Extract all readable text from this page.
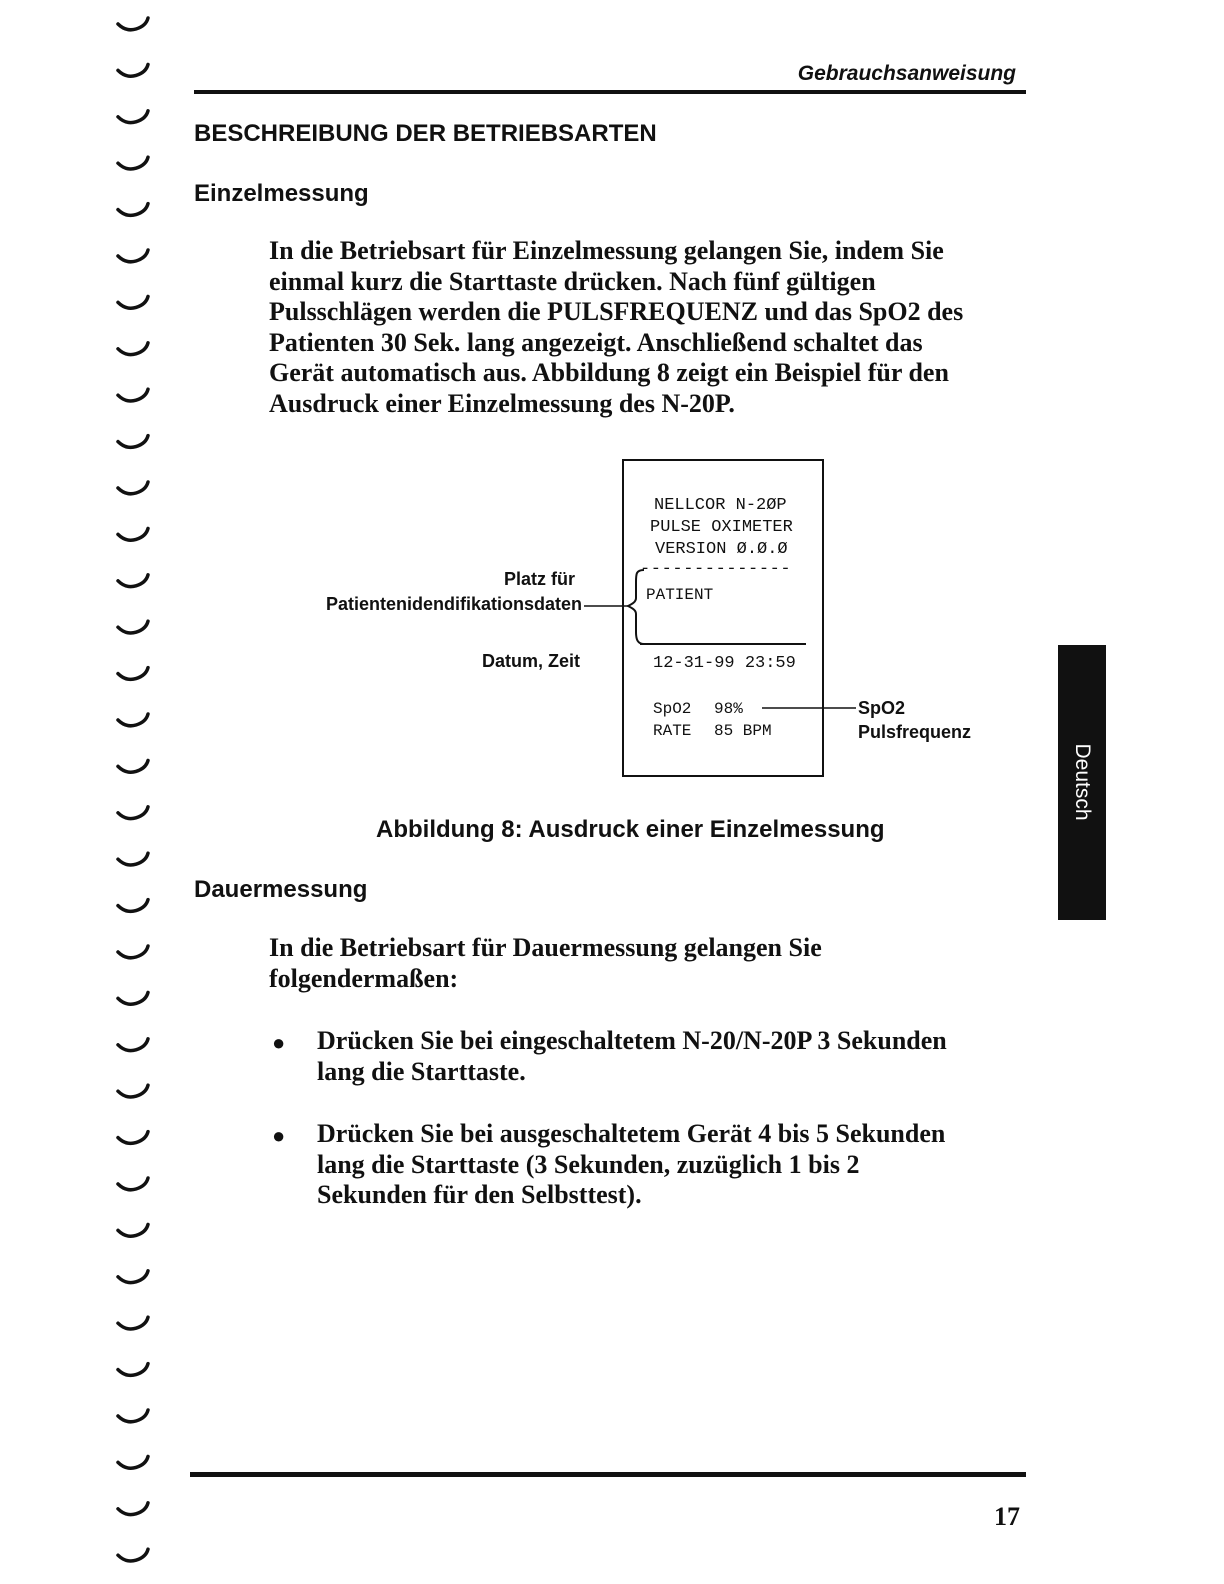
Gebrauchsanweisung
BESCHREIBUNG DER BETRIEBSARTEN
Einzelmessung
In die Betriebsart für Einzelmessung gelangen Sie, indem Sie
einmal kurz die Starttaste drücken. Nach fünf gültigen
Pulsschlägen werden die PULSFREQUENZ und das SpO2 des
Patienten 30 Sek. lang angezeigt. Anschließend schaltet das
Gerät automatisch aus. Abbildung 8 zeigt ein Beispiel für den
Ausdruck einer Einzelmessung des N-20P.
NELLCOR N-2ØP
PULSE OXIMETER
VERSION Ø.Ø.Ø
--------------
PATIENT
12-31-99 23:59
SpO2 98%
RATE 85 BPM
Platz für
Patientenidendifikationsdaten
Datum, Zeit
SpO2
Pulsfrequenz
Abbildung 8: Ausdruck einer Einzelmessung
Dauermessung
In die Betriebsart für Dauermessung gelangen Sie
folgendermaßen:
● Drücken Sie bei eingeschaltetem N-20/N-20P 3 Sekunden
lang die Starttaste.
● Drücken Sie bei ausgeschaltetem Gerät 4 bis 5 Sekunden
lang die Starttaste (3 Sekunden, zuzüglich 1 bis 2
Sekunden für den Selbsttest).
Deutsch
17
